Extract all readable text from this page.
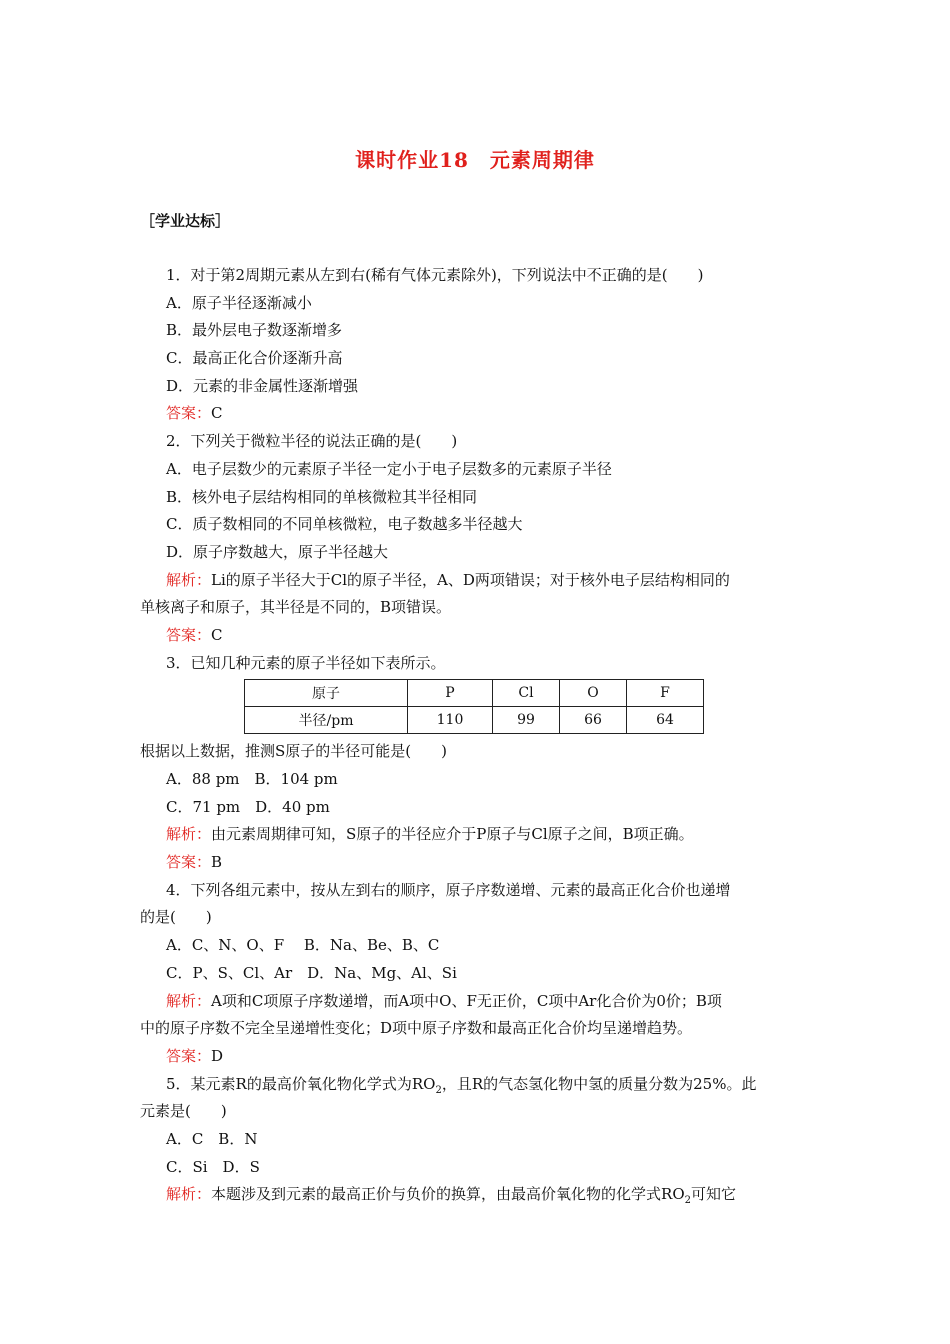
课时作业18　元素周期律
［学业达标］
1．对于第2周期元素从左到右(稀有气体元素除外)，下列说法中不正确的是(　　)
A．原子半径逐渐减小
B．最外层电子数逐渐增多
C．最高正化合价逐渐升高
D．元素的非金属性逐渐增强
答案：C
2．下列关于微粒半径的说法正确的是(　　)
A．电子层数少的元素原子半径一定小于电子层数多的元素原子半径
B．核外电子层结构相同的单核微粒其半径相同
C．质子数相同的不同单核微粒，电子数越多半径越大
D．原子序数越大，原子半径越大
解析：Li的原子半径大于Cl的原子半径，A、D两项错误；对于核外电子层结构相同的
单核离子和原子，其半径是不同的，B项错误。
答案：C
3．已知几种元素的原子半径如下表所示。
原子	P	Cl	O	F
半径/pm	110	99	66	64
根据以上数据，推测S原子的半径可能是(　　)
A．88 pm　B．104 pm
C．71 pm　D．40 pm
解析：由元素周期律可知，S原子的半径应介于P原子与Cl原子之间，B项正确。
答案：B
4．下列各组元素中，按从左到右的顺序，原子序数递增、元素的最高正化合价也递增
的是(　　)
A．C、N、O、F　 B．Na、Be、B、C
C．P、S、Cl、Ar　D．Na、Mg、Al、Si
解析：A项和C项原子序数递增，而A项中O、F无正价，C项中Ar化合价为0价；B项
中的原子序数不完全呈递增性变化；D项中原子序数和最高正化合价均呈递增趋势。
答案：D
5．某元素R的最高价氧化物化学式为$RO_2$，且R的气态氢化物中氢的质量分数为25%。此
元素是(　　)
A．C　B．N
C．Si　D．S
解析：本题涉及到元素的最高正价与负价的换算，由最高价氧化物的化学式$RO_2$可知它
